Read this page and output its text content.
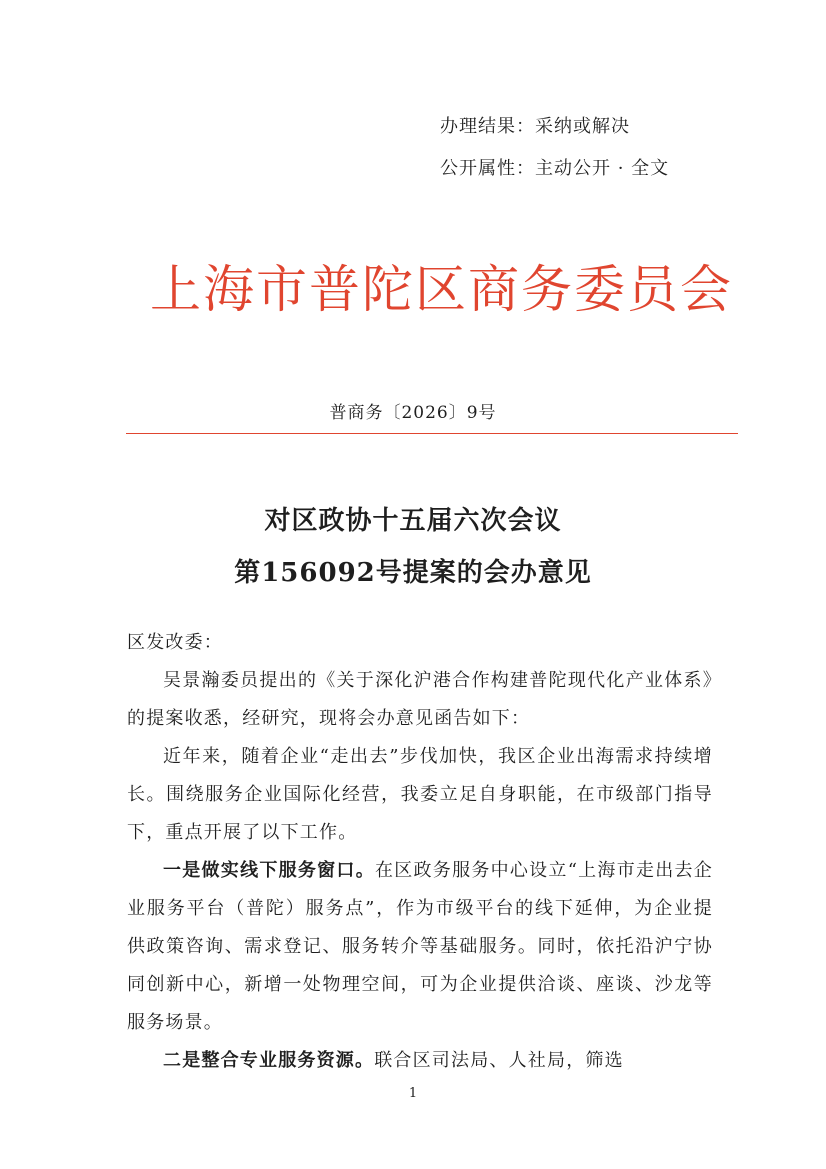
办理结果：采纳或解决
公开属性：主动公开 · 全文
上海市普陀区商务委员会
普商务〔2026〕9号
对区政协十五届六次会议
第156092号提案的会办意见

区发改委：

吴景瀚委员提出的《关于深化沪港合作构建普陀现代化产业体系》的提案收悉，经研究，现将会办意见函告如下：

近年来，随着企业“走出去”步伐加快，我区企业出海需求持续增长。围绕服务企业国际化经营，我委立足自身职能，在市级部门指导下，重点开展了以下工作。

一是做实线下服务窗口。在区政务服务中心设立“上海市走出去企业服务平台（普陀）服务点”，作为市级平台的线下延伸，为企业提供政策咨询、需求登记、服务转介等基础服务。同时，依托沿沪宁协同创新中心，新增一处物理空间，可为企业提供洽谈、座谈、沙龙等服务场景。

二是整合专业服务资源。联合区司法局、人社局，筛选

1
